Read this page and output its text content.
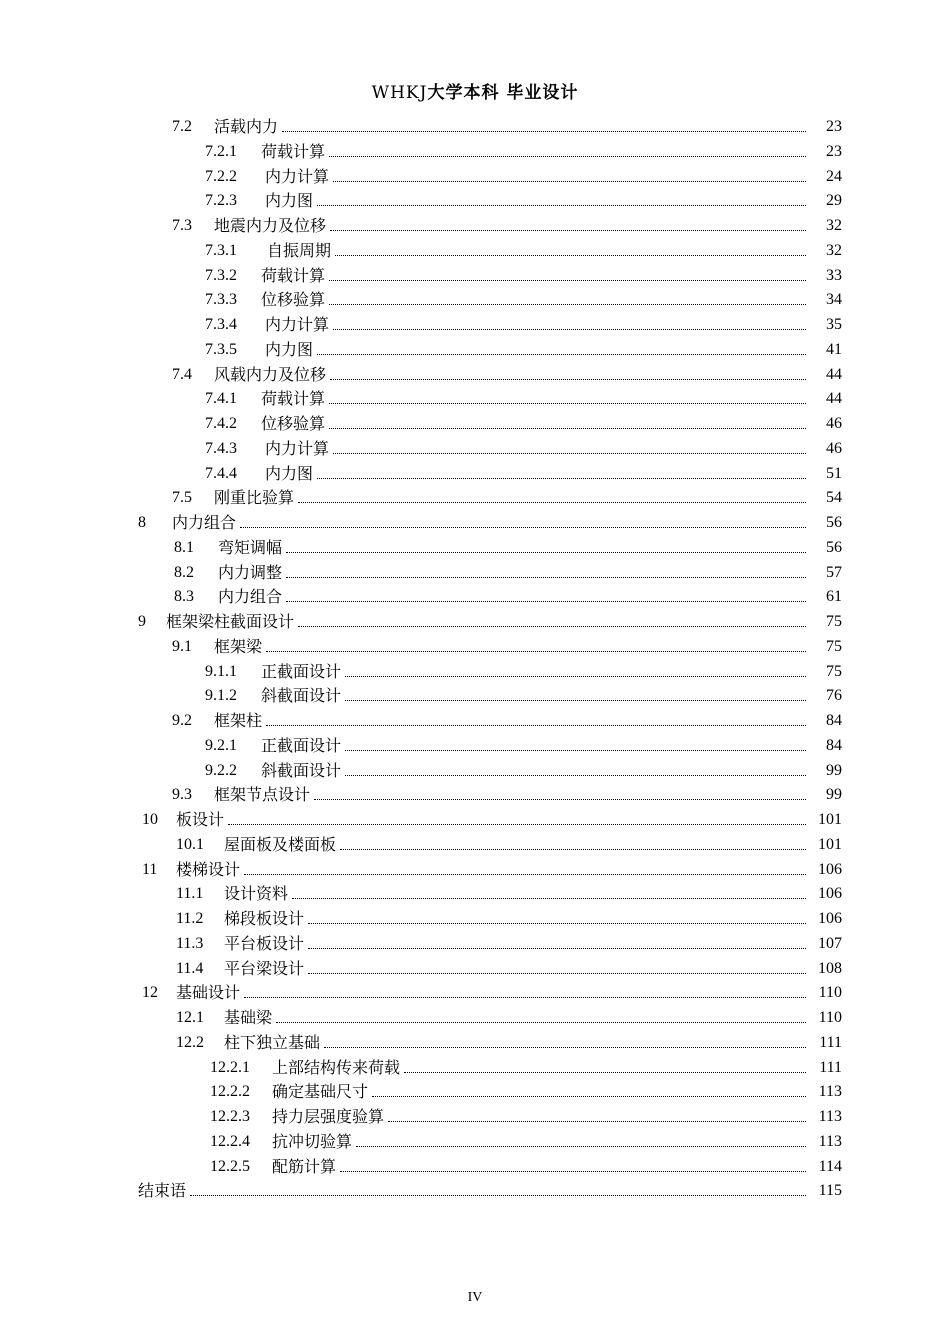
WHKJ大学本科 毕业设计
7.2	活载内力	23
7.2.1	荷载计算	23
7.2.2	内力计算	24
7.2.3	内力图	29
7.3	地震内力及位移	32
7.3.1	自振周期	32
7.3.2	荷载计算	33
7.3.3	位移验算	34
7.3.4	内力计算	35
7.3.5	内力图	41
7.4	风载内力及位移	44
7.4.1	荷载计算	44
7.4.2	位移验算	46
7.4.3	内力计算	46
7.4.4	内力图	51
7.5	刚重比验算	54
8	内力组合	56
8.1	弯矩调幅	56
8.2	内力调整	57
8.3	内力组合	61
9	框架梁柱截面设计	75
9.1	框架梁	75
9.1.1	正截面设计	75
9.1.2	斜截面设计	76
9.2	框架柱	84
9.2.1	正截面设计	84
9.2.2	斜截面设计	99
9.3	框架节点设计	99
10	板设计	101
10.1	屋面板及楼面板	101
11	楼梯设计	106
11.1	设计资料	106
11.2	梯段板设计	106
11.3	平台板设计	107
11.4	平台梁设计	108
12	基础设计	110
12.1	基础梁	110
12.2	柱下独立基础	111
12.2.1	上部结构传来荷载	111
12.2.2	确定基础尺寸	113
12.2.3	持力层强度验算	113
12.2.4	抗冲切验算	113
12.2.5	配筋计算	114
结束语	115
IV
